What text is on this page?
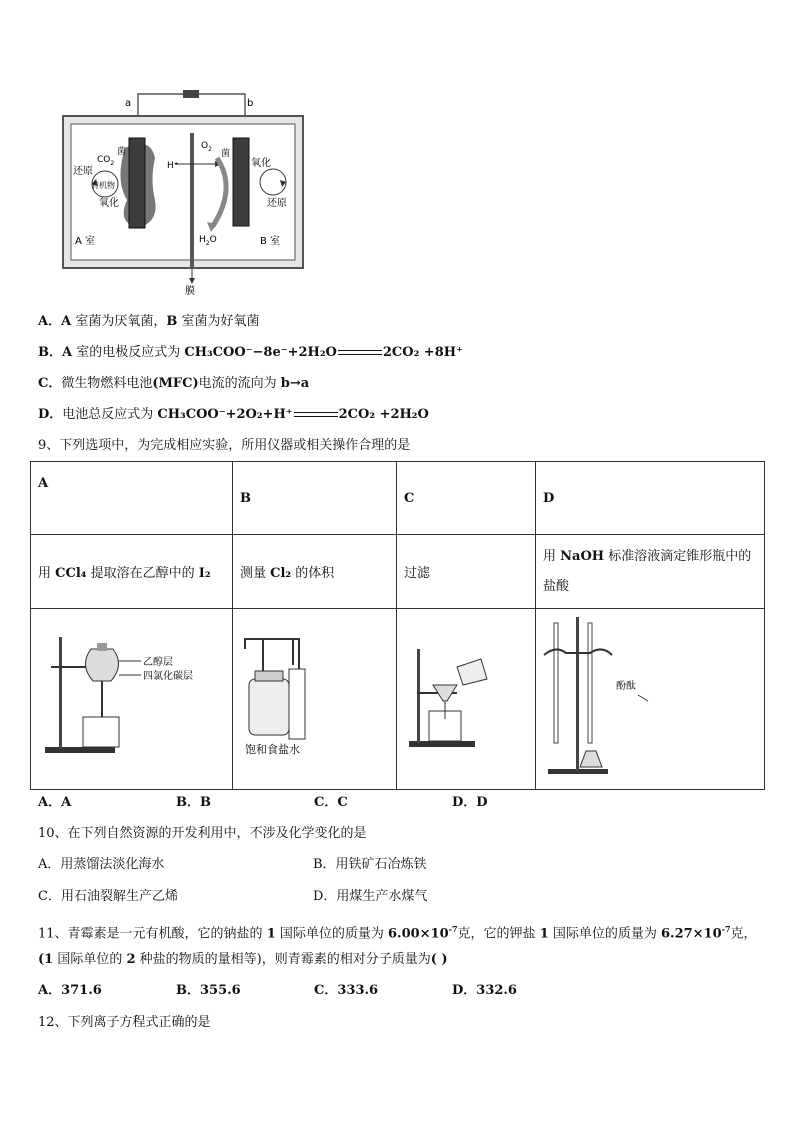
a	b
$CO_2$
菌
还原
有机物
氧化
H⁺
$O_2$ 菌
氧化
还原
$H_2O$
A 室	B 室
膜
A．A 室菌为厌氧菌，B 室菌为好氧菌
B．A 室的电极反应式为 CH₃COO⁻−8e⁻+2H₂O	2CO₂ +8H⁺
C．微生物燃料电池(MFC)电流的流向为 b→a
D．电池总反应式为 CH₃COO⁻+2O₂+H⁺	2CO₂ +2H₂O
9、下列选项中，为完成相应实验，所用仪器或相关操作合理的是
A	B	C	D
用 CCl₄ 提取溶在乙醇中的 I₂	测量 Cl₂ 的体积	过滤	用 NaOH 标准溶液滴定锥形瓶中的
盐酸

乙醇层
四氯化碳层	饱和食盐水		酚酞
A．A	B．B	C．C	D．D
10、在下列自然资源的开发利用中，不涉及化学变化的是
A．用蒸馏法淡化海水	B．用铁矿石冶炼铁
C．用石油裂解生产乙烯	D．用煤生产水煤气
11、青霉素是一元有机酸，它的钠盐的 1 国际单位的质量为 $6.00\times 10^{-7}$克，它的钾盐 1 国际单位的质量为 $6.27\times 10^{-7}$克，
(1 国际单位的 2 种盐的物质的量相等)，则青霉素的相对分子质量为( )
A．371.6	B．355.6	C．333.6	D．332.6
12、下列离子方程式正确的是
